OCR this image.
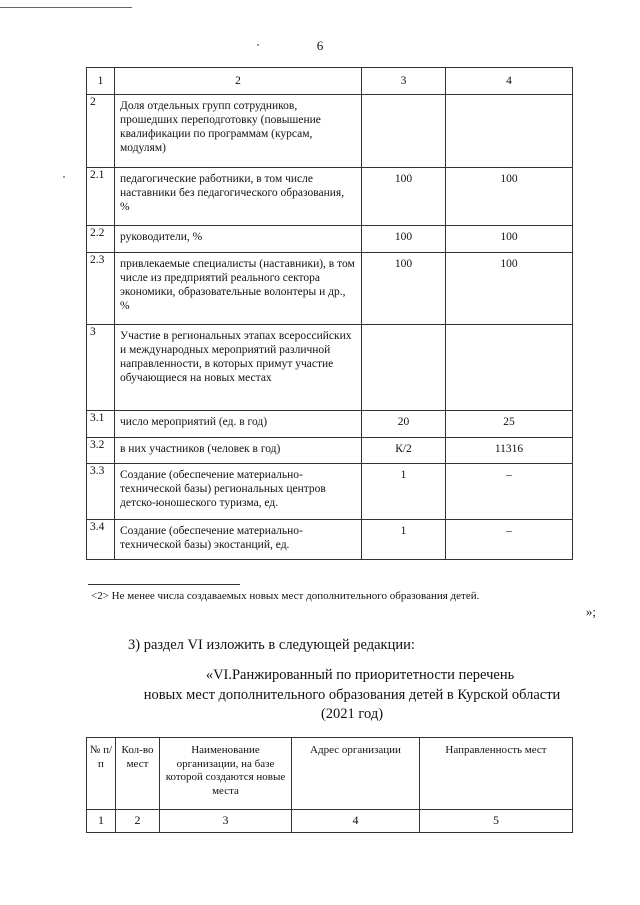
6
1	2	3	4
2	Доля отдельных групп сотрудников, прошедших переподготовку (повышение квалификации по программам (курсам, модулям)		
2.1	педагогические работники, в том числе наставники без педагогического образования, %	100	100
2.2	руководители, %	100	100
2.3	привлекаемые специалисты (наставники), в том числе из предприятий реального сектора экономики, образовательные волонтеры и др., %	100	100
3	Участие в региональных этапах всероссийских и международных мероприятий различной направленности, в которых примут участие обучающиеся на новых местах		
3.1	число мероприятий (ед. в год)	20	25
3.2	в них участников (человек в год)	К/2	11316
3.3	Создание (обеспечение материально-технической базы) региональных центров детско-юношеского туризма, ед.	1	–
3.4	Создание (обеспечение материально-технической базы) экостанций, ед.	1	–
<2> Не менее числа создаваемых новых мест дополнительного образования детей.
»;
3) раздел VI изложить в следующей редакции:
«VI.Ранжированный по приоритетности перечень
новых мест дополнительного образования детей в Курской области
(2021 год)
№ п/п	Кол-во мест	Наименование организации, на базе которой создаются новые места	Адрес организации	Направленность мест
1	2	3	4	5
